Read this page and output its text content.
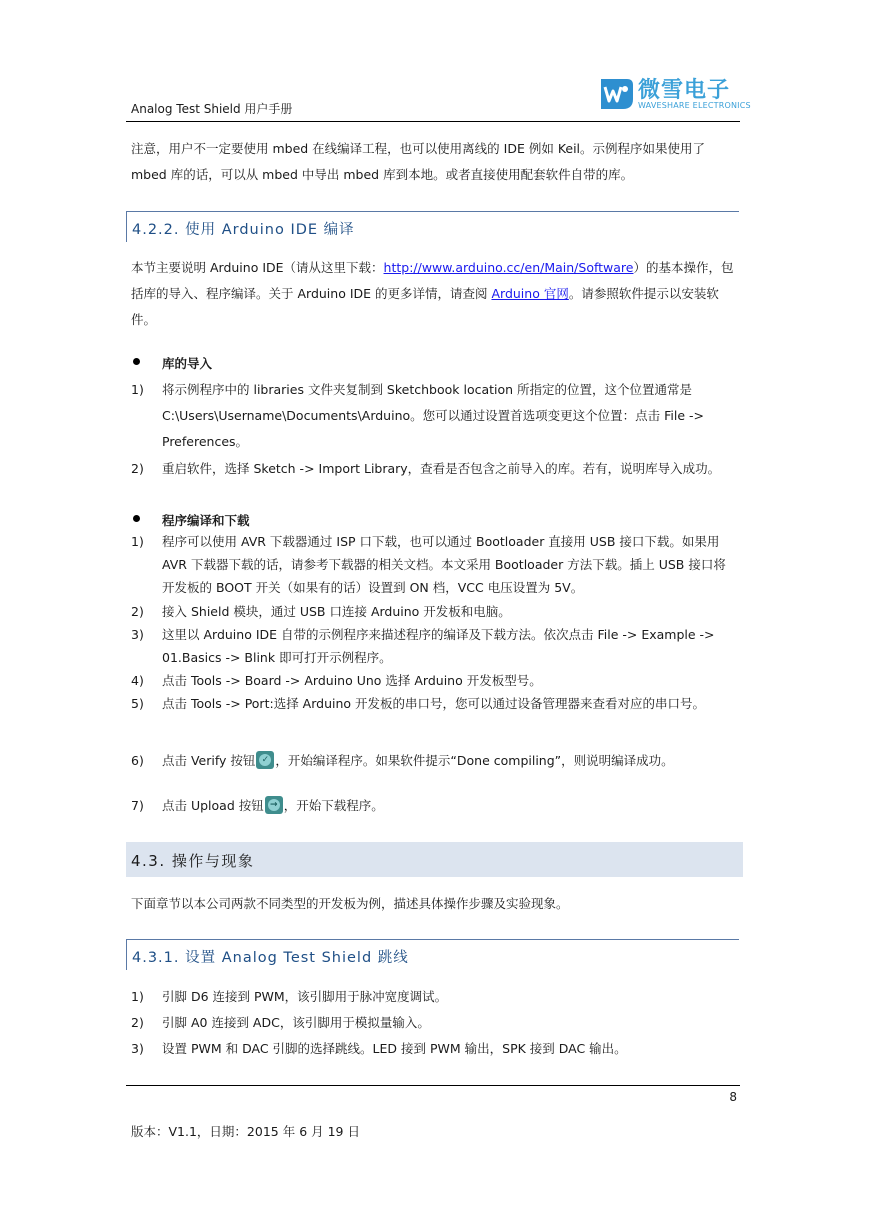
Analog Test Shield 用户手册
微雪电子
WAVESHARE ELECTRONICS
注意，用户不一定要使用 mbed 在线编译工程，也可以使用离线的 IDE 例如 Keil。示例程序如果使用了 mbed 库的话，可以从 mbed 中导出 mbed 库到本地。或者直接使用配套软件自带的库。
4.2.2. 使用 Arduino IDE 编译
本节主要说明 Arduino IDE（请从这里下载：http://www.arduino.cc/en/Main/Software）的基本操作，包括库的导入、程序编译。关于 Arduino IDE 的更多详情，请查阅 Arduino 官网。请参照软件提示以安装软件。
库的导入
1) 将示例程序中的 libraries 文件夹复制到 Sketchbook location 所指定的位置，这个位置通常是 C:\Users\Username\Documents\Arduino。您可以通过设置首选项变更这个位置：点击 File -> Preferences。
2) 重启软件，选择 Sketch -> Import Library，查看是否包含之前导入的库。若有，说明库导入成功。
程序编译和下载
1) 程序可以使用 AVR 下载器通过 ISP 口下载，也可以通过 Bootloader 直接用 USB 接口下载。如果用 AVR 下载器下载的话，请参考下载器的相关文档。本文采用 Bootloader 方法下载。插上 USB 接口将开发板的 BOOT 开关（如果有的话）设置到 ON 档，VCC 电压设置为 5V。
2) 接入 Shield 模块，通过 USB 口连接 Arduino 开发板和电脑。
3) 这里以 Arduino IDE 自带的示例程序来描述程序的编译及下载方法。依次点击 File -> Example -> 01.Basics -> Blink 即可打开示例程序。
4) 点击 Tools -> Board -> Arduino Uno 选择 Arduino 开发板型号。
5) 点击 Tools -> Port:选择 Arduino 开发板的串口号，您可以通过设备管理器来查看对应的串口号。
6) 点击 Verify 按钮 ✓ ，开始编译程序。如果软件提示“Done compiling”，则说明编译成功。
7) 点击 Upload 按钮 → ，开始下载程序。
4.3. 操作与现象
下面章节以本公司两款不同类型的开发板为例，描述具体操作步骤及实验现象。
4.3.1. 设置 Analog Test Shield 跳线
1) 引脚 D6 连接到 PWM，该引脚用于脉冲宽度调试。
2) 引脚 A0 连接到 ADC，该引脚用于模拟量输入。
3) 设置 PWM 和 DAC 引脚的选择跳线。LED 接到 PWM 输出，SPK 接到 DAC 输出。
8
版本：V1.1，日期：2015 年 6 月 19 日
